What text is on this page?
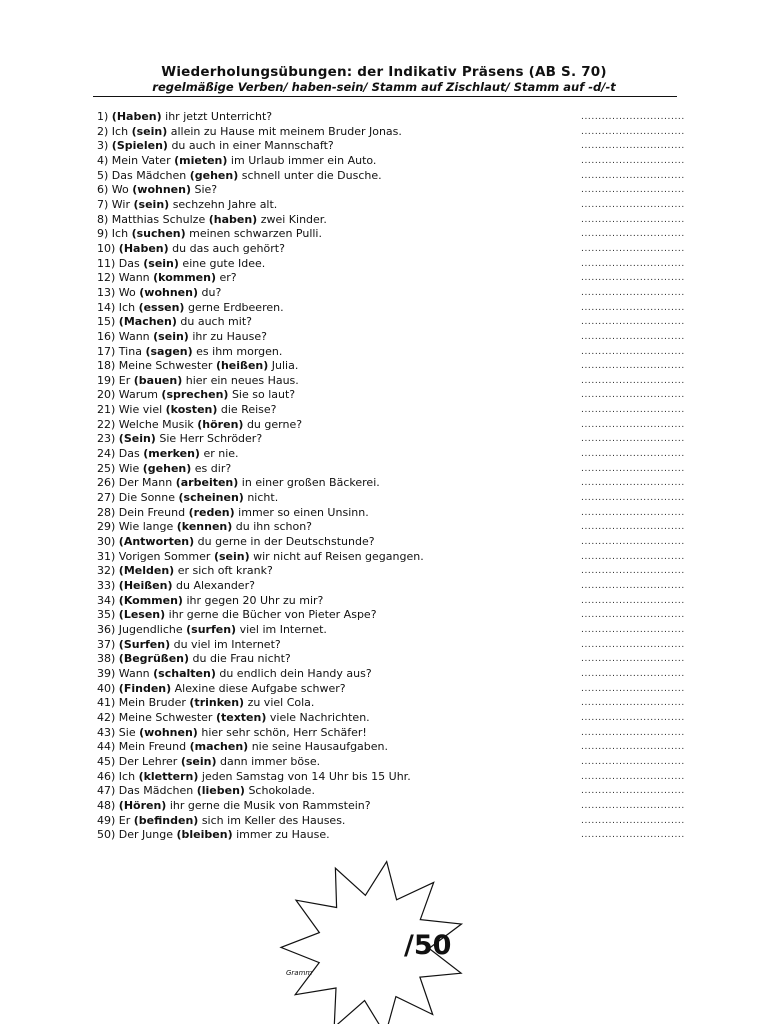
Wiederholungsübungen: der Indikativ Präsens (AB S. 70)
regelmäßige Verben/ haben-sein/ Stamm auf Zischlaut/ Stamm auf -d/-t
1) (Haben) ihr jetzt Unterricht?	..............................
2) Ich (sein) allein zu Hause mit meinem Bruder Jonas.	..............................
3) (Spielen) du auch in einer Mannschaft?	..............................
4) Mein Vater (mieten) im Urlaub immer ein Auto.	..............................
5) Das Mädchen (gehen) schnell unter die Dusche.	..............................
6) Wo (wohnen) Sie?	..............................
7) Wir (sein) sechzehn Jahre alt.	..............................
8) Matthias Schulze (haben) zwei Kinder.	..............................
9) Ich (suchen) meinen schwarzen Pulli.	..............................
10) (Haben) du das auch gehört?	..............................
11) Das (sein) eine gute Idee.	..............................
12) Wann (kommen) er?	..............................
13) Wo (wohnen) du?	..............................
14) Ich (essen) gerne Erdbeeren.	..............................
15) (Machen) du auch mit?	..............................
16) Wann (sein) ihr zu Hause?	..............................
17) Tina (sagen) es ihm morgen.	..............................
18) Meine Schwester (heißen) Julia.	..............................
19) Er (bauen) hier ein neues Haus.	..............................
20) Warum (sprechen) Sie so laut?	..............................
21) Wie viel (kosten) die Reise?	..............................
22) Welche Musik (hören) du gerne?	..............................
23) (Sein) Sie Herr Schröder?	..............................
24) Das (merken) er nie.	..............................
25) Wie (gehen) es dir?	..............................
26) Der Mann (arbeiten) in einer großen Bäckerei.	..............................
27) Die Sonne (scheinen) nicht.	..............................
28) Dein Freund (reden) immer so einen Unsinn.	..............................
29) Wie lange (kennen) du ihn schon?	..............................
30) (Antworten) du gerne in der Deutschstunde?	..............................
31) Vorigen Sommer (sein) wir nicht auf Reisen gegangen.	..............................
32) (Melden) er sich oft krank?	..............................
33) (Heißen) du Alexander?	..............................
34) (Kommen) ihr gegen 20 Uhr zu mir?	..............................
35) (Lesen) ihr gerne die Bücher von Pieter Aspe?	..............................
36) Jugendliche (surfen) viel im Internet.	..............................
37) (Surfen) du viel im Internet?	..............................
38) (Begrüßen) du die Frau nicht?	..............................
39) Wann (schalten) du endlich dein Handy aus?	..............................
40) (Finden) Alexine diese Aufgabe schwer?	..............................
41) Mein Bruder (trinken) zu viel Cola.	..............................
42) Meine Schwester (texten) viele Nachrichten.	..............................
43) Sie (wohnen) hier sehr schön, Herr Schäfer!	..............................
44) Mein Freund (machen) nie seine Hausaufgaben.	..............................
45) Der Lehrer (sein) dann immer böse.	..............................
46) Ich (klettern) jeden Samstag von 14 Uhr bis 15 Uhr.	..............................
47) Das Mädchen (lieben) Schokolade.	..............................
48) (Hören) ihr gerne die Musik von Rammstein?	..............................
49) Er (befinden) sich im Keller des Hauses.	..............................
50) Der Junge (bleiben) immer zu Hause.	..............................
/50
Gramm
